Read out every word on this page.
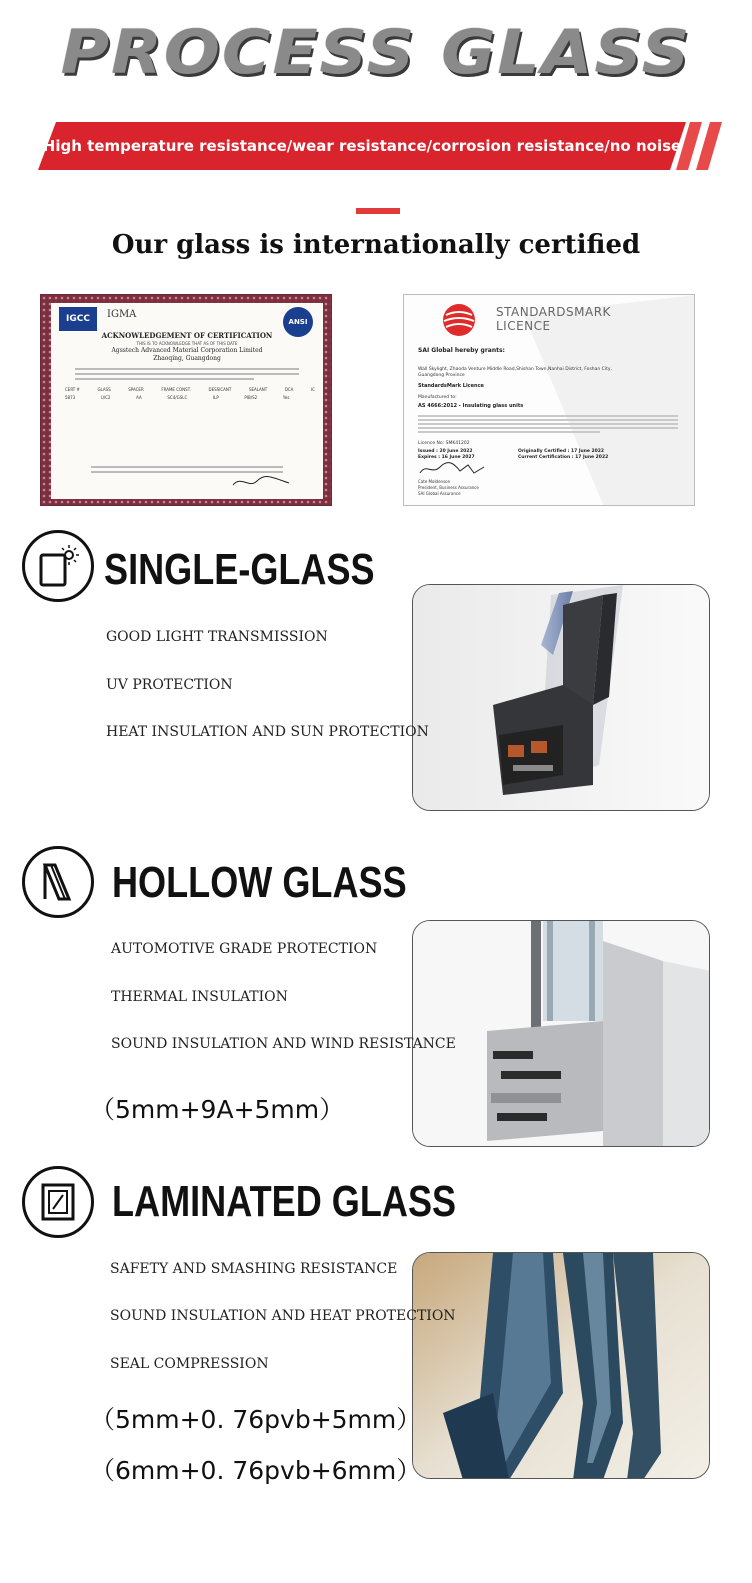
PROCESS GLASS
High temperature resistance/wear resistance/corrosion resistance/no noise
Our glass is internationally certified
IGCC	IGMA
ANSI
ACKNOWLEDGEMENT OF CERTIFICATION
THIS IS TO ACKNOWLEDGE THAT AS OF THIS DATE
Agsstech Advanced Material Corporation Limited
Zhaoqing, Guangdong
CERT #	GLASS	SPACER	FRAME CONST.	DESSICANT	SEALANT	DCA	IC
5873	U/C2	AA	SC4/GSLC	ILP	PIB/S2	Yes
STANDARDSMARK
LICENCE
SAI Global hereby grants:
Wall Skylight, Zhaoda Venture Middle Road,Shishan Town,Nanhai District, Foshan City, Guangdong Province
StandardsMark Licence
Manufactured to:
AS 4666:2012 - Insulating glass units
Licence No: SMK41202
Issued : 20 June 2022
Expires : 16 June 2027
Originally Certified : 17 June 2022
Current Certification : 17 June 2022
Cate Moldenson
President, Business Assurance
SAI Global Assurance
SINGLE-GLASS
GOOD LIGHT TRANSMISSION
UV PROTECTION
HEAT INSULATION AND SUN PROTECTION
HOLLOW GLASS
AUTOMOTIVE GRADE PROTECTION
THERMAL INSULATION
SOUND INSULATION AND WIND RESISTANCE
（5mm+9A+5mm）
LAMINATED GLASS
SAFETY AND SMASHING RESISTANCE
SOUND INSULATION AND HEAT PROTECTION
SEAL COMPRESSION
（5mm+0. 76pvb+5mm）
（6mm+0. 76pvb+6mm）
